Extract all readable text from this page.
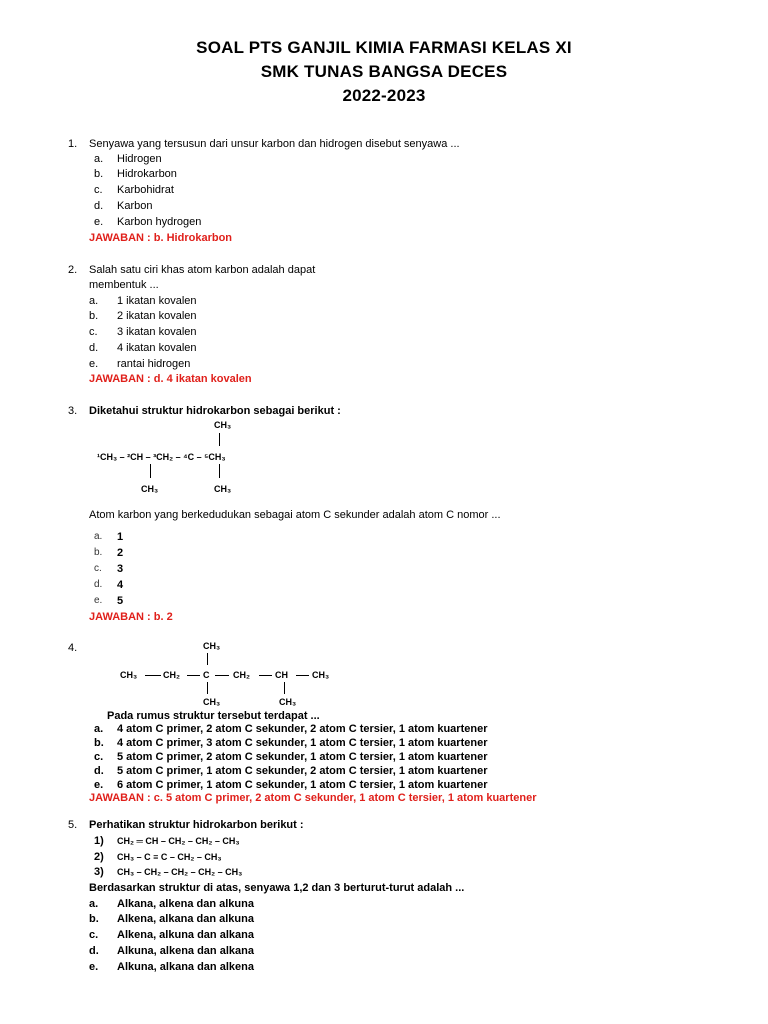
SOAL PTS GANJIL KIMIA FARMASI KELAS XI
SMK TUNAS BANGSA DECES
2022-2023
1. Senyawa yang tersusun dari unsur karbon dan hidrogen disebut senyawa ...
a. Hidrogen
b. Hidrokarbon
c. Karbohidrat
d. Karbon
e. Karbon hydrogen
JAWABAN : b. Hidrokarbon
2. Salah satu ciri khas atom karbon adalah dapat
membentuk ...
a. 1 ikatan kovalen
b. 2 ikatan kovalen
c. 3 ikatan kovalen
d. 4 ikatan kovalen
e. rantai hidrogen
JAWABAN : d. 4 ikatan kovalen
3. Diketahui struktur hidrokarbon sebagai berikut :
CH₃
¹CH₃ – ²CH – ³CH₂ – ⁴C – ⁵CH₃
CH₃	CH₃
Atom karbon yang berkedudukan sebagai atom C sekunder adalah atom C nomor ...
a. 1
b. 2
c. 3
d. 4
e. 5
JAWABAN : b. 2
4.	CH₃
CH₃	CH₂	C	CH₂	CH	CH₃
CH₃	CH₃
Pada rumus struktur tersebut terdapat ...
a. 4 atom C primer, 2 atom C sekunder, 2 atom C tersier, 1 atom kuartener
b. 4 atom C primer, 3 atom C sekunder, 1 atom C tersier, 1 atom kuartener
c. 5 atom C primer, 2 atom C sekunder, 1 atom C tersier, 1 atom kuartener
d. 5 atom C primer, 1 atom C sekunder, 2 atom C tersier, 1 atom kuartener
e. 6 atom C primer, 1 atom C sekunder, 1 atom C tersier, 1 atom kuartener
JAWABAN : c. 5 atom C primer, 2 atom C sekunder, 1 atom C tersier, 1 atom kuartener
5. Perhatikan struktur hidrokarbon berikut :
1) CH₂ ═ CH – CH₂ – CH₂ – CH₃
2) CH₃ – C ≡ C – CH₂ – CH₃
3) CH₃ – CH₂ – CH₂ – CH₂ – CH₃
Berdasarkan struktur di atas, senyawa 1,2 dan 3 berturut-turut adalah ...
a. Alkana, alkena dan alkuna
b. Alkena, alkana dan alkuna
c. Alkena, alkuna dan alkana
d. Alkuna, alkena dan alkana
e. Alkuna, alkana dan alkena
